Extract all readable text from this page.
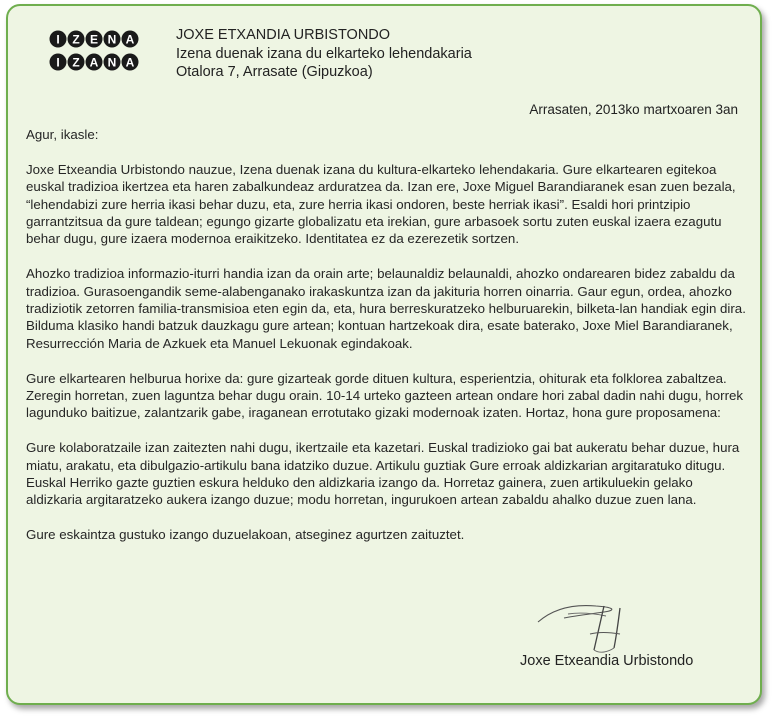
I Z E N A
I Z A N A
JOXE ETXANDIA URBISTONDO
Izena duenak izana du elkarteko lehendakaria
Otalora 7, Arrasate (Gipuzkoa)
Arrasaten, 2013ko martxoaren 3an

Agur, ikasle:

Joxe Etxeandia Urbistondo nauzue, Izena duenak izana du kultura-elkarteko lehendakaria. Gure elkartearen egitekoa euskal tradizioa ikertzea eta haren zabalkundeaz arduratzea da. Izan ere, Joxe Miguel Barandiaranek esan zuen bezala, “lehendabizi zure herria ikasi behar duzu, eta, zure herria ikasi ondoren, beste herriak ikasi”. Esaldi hori printzipio garrantzitsua da gure taldean; egungo gizarte globalizatu eta irekian, gure arbasoek sortu zuten euskal izaera ezagutu behar dugu, gure izaera modernoa eraikitzeko. Identitatea ez da ezerezetik sortzen.

Ahozko tradizioa informazio-iturri handia izan da orain arte; belaunaldiz belaunaldi, ahozko ondarearen bidez zabaldu da tradizioa. Gurasoengandik seme-alabenganako irakaskuntza izan da jakituria horren oinarria. Gaur egun, ordea, ahozko tradiziotik zetorren familia-transmisioa eten egin da, eta, hura berreskuratzeko helburuarekin, bilketa-lan handiak egin dira. Bilduma klasiko handi batzuk dauzkagu gure artean; kontuan hartzekoak dira, esate baterako, Joxe Miel Barandiaranek, Resurrección Maria de Azkuek eta Manuel Lekuonak egindakoak.

Gure elkartearen helburua horixe da: gure gizarteak gorde dituen kultura, esperientzia, ohiturak eta folklorea zabaltzea. Zeregin horretan, zuen laguntza behar dugu orain. 10-14 urteko gazteen artean ondare hori zabal dadin nahi dugu, horrek lagunduko baitizue, zalantzarik gabe, iraganean errotutako gizaki modernoak izaten. Hortaz, hona gure proposamena:

Gure kolaboratzaile izan zaitezten nahi dugu, ikertzaile eta kazetari. Euskal tradizioko gai bat aukeratu behar duzue, hura miatu, arakatu, eta dibulgazio-artikulu bana idatziko duzue. Artikulu guztiak Gure erroak aldizkarian argitaratuko ditugu. Euskal Herriko gazte guztien eskura helduko den aldizkaria izango da. Horretaz gainera, zuen artikuluekin gelako aldizkaria argitaratzeko aukera izango duzue; modu horretan, ingurukoen artean zabaldu ahalko duzue zuen lana.

Gure eskaintza gustuko izango duzuelakoan, atseginez agurtzen zaituztet.

Joxe Etxeandia Urbistondo
